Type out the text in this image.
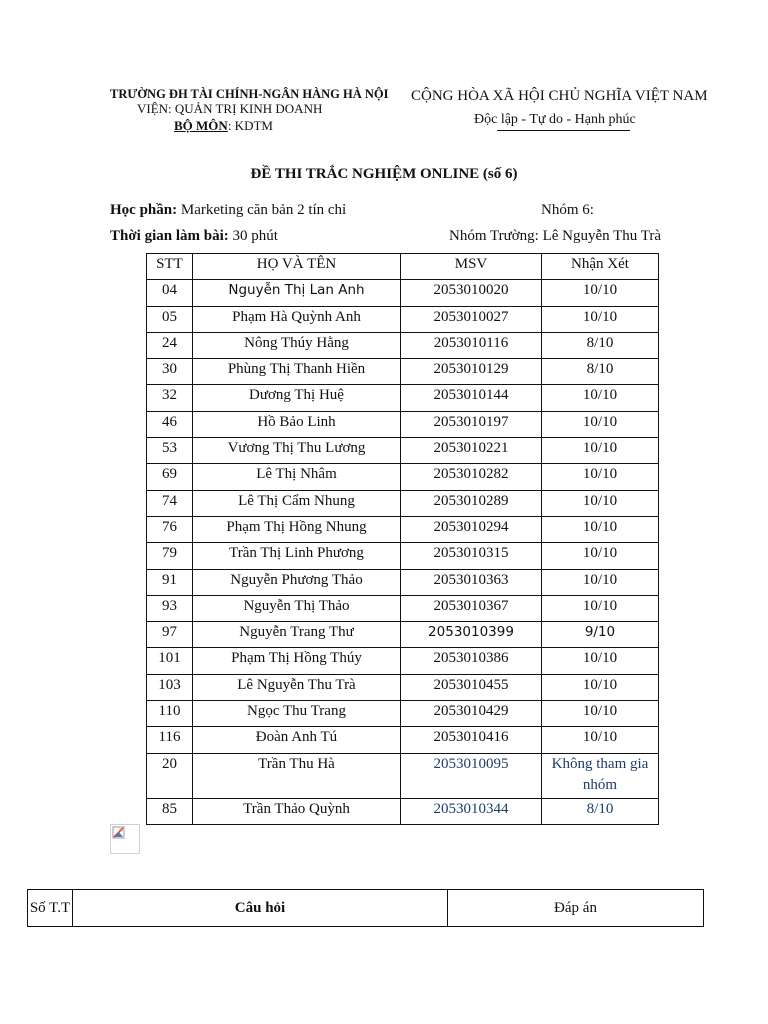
TRƯỜNG ĐH TÀI CHÍNH-NGÂN HÀNG HÀ NỘI
VIỆN: QUẢN TRỊ KINH DOANH
BỘ MÔN: KDTM
CỘNG HÒA XÃ HỘI CHỦ NGHĨA VIỆT NAM
Độc lập - Tự do - Hạnh phúc
ĐỀ THI TRẮC NGHIỆM ONLINE (số 6)
Học phần: Marketing căn bản 2 tín chỉ	Nhóm 6:
Thời gian làm bài: 30 phút	Nhóm Trường: Lê Nguyễn Thu Trà
STT	HỌ VÀ TÊN	MSV	Nhận Xét
04	Nguyễn Thị Lan Anh	2053010020	10/10
05	Phạm Hà Quỳnh Anh	2053010027	10/10
24	Nông Thúy Hằng	2053010116	8/10
30	Phùng Thị Thanh Hiền	2053010129	8/10
32	Dương Thị Huệ	2053010144	10/10
46	Hồ Bảo Linh	2053010197	10/10
53	Vương Thị Thu Lương	2053010221	10/10
69	Lê Thị Nhâm	2053010282	10/10
74	Lê Thị Cẩm Nhung	2053010289	10/10
76	Phạm Thị Hồng Nhung	2053010294	10/10
79	Trần Thị Linh Phương	2053010315	10/10
91	Nguyễn Phương Thảo	2053010363	10/10
93	Nguyễn Thị Thảo	2053010367	10/10
97	Nguyễn Trang Thư	2053010399	9/10
101	Phạm Thị Hồng Thúy	2053010386	10/10
103	Lê Nguyễn Thu Trà	2053010455	10/10
110	Ngọc Thu Trang	2053010429	10/10
116	Đoàn Anh Tú	2053010416	10/10
20	Trần Thu Hà	2053010095	Không tham gia nhóm
85	Trần Thảo Quỳnh	2053010344	8/10
Số T.T	Câu hỏi	Đáp án
